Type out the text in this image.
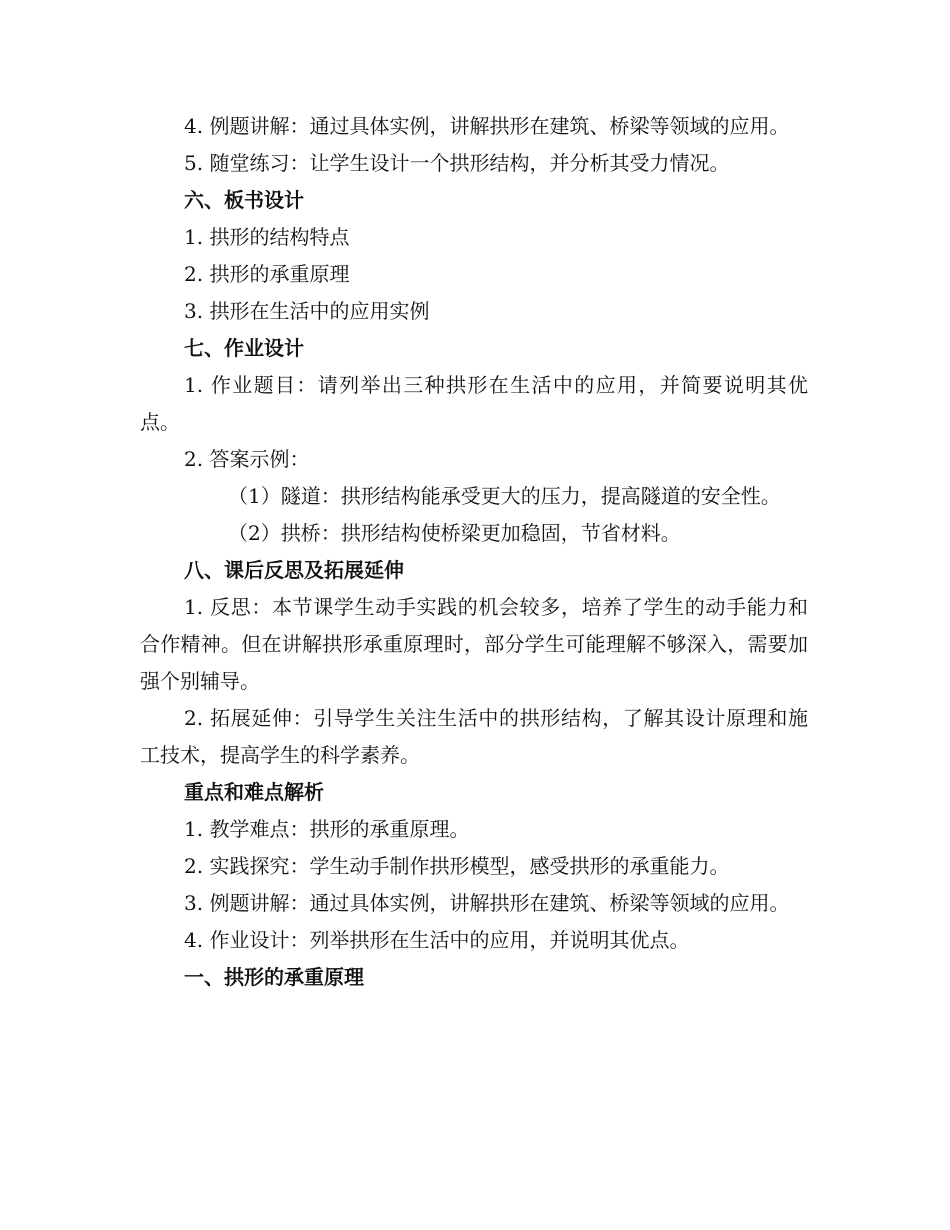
4. 例题讲解：通过具体实例，讲解拱形在建筑、桥梁等领域的应用。

5. 随堂练习：让学生设计一个拱形结构，并分析其受力情况。

六、板书设计

1. 拱形的结构特点

2. 拱形的承重原理

3. 拱形在生活中的应用实例

七、作业设计

1. 作业题目：请列举出三种拱形在生活中的应用，并简要说明其优点。

2. 答案示例：

（1）隧道：拱形结构能承受更大的压力，提高隧道的安全性。

（2）拱桥：拱形结构使桥梁更加稳固，节省材料。

八、课后反思及拓展延伸

1. 反思：本节课学生动手实践的机会较多，培养了学生的动手能力和合作精神。但在讲解拱形承重原理时，部分学生可能理解不够深入，需要加强个别辅导。

2. 拓展延伸：引导学生关注生活中的拱形结构，了解其设计原理和施工技术，提高学生的科学素养。

重点和难点解析

1. 教学难点：拱形的承重原理。

2. 实践探究：学生动手制作拱形模型，感受拱形的承重能力。

3. 例题讲解：通过具体实例，讲解拱形在建筑、桥梁等领域的应用。

4. 作业设计：列举拱形在生活中的应用，并说明其优点。

一、拱形的承重原理
